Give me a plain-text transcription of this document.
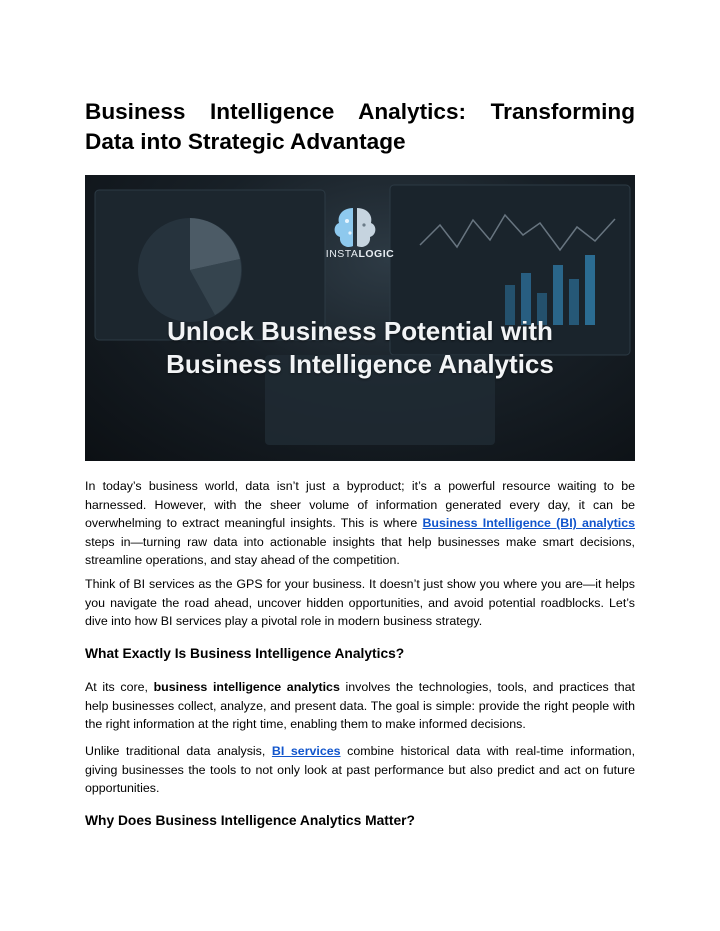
Business Intelligence Analytics: Transforming Data into Strategic Advantage
INSTALOGIC
Unlock Business Potential with
Business Intelligence Analytics

In today’s business world, data isn’t just a byproduct; it’s a powerful resource waiting to be harnessed. However, with the sheer volume of information generated every day, it can be overwhelming to extract meaningful insights. This is where Business Intelligence (BI) analytics steps in—turning raw data into actionable insights that help businesses make smart decisions, streamline operations, and stay ahead of the competition.

Think of BI services as the GPS for your business. It doesn’t just show you where you are—it helps you navigate the road ahead, uncover hidden opportunities, and avoid potential roadblocks. Let’s dive into how BI services play a pivotal role in modern business strategy.

What Exactly Is Business Intelligence Analytics?

At its core, business intelligence analytics involves the technologies, tools, and practices that help businesses collect, analyze, and present data. The goal is simple: provide the right people with the right information at the right time, enabling them to make informed decisions.

Unlike traditional data analysis, BI services combine historical data with real-time information, giving businesses the tools to not only look at past performance but also predict and act on future opportunities.

Why Does Business Intelligence Analytics Matter?
